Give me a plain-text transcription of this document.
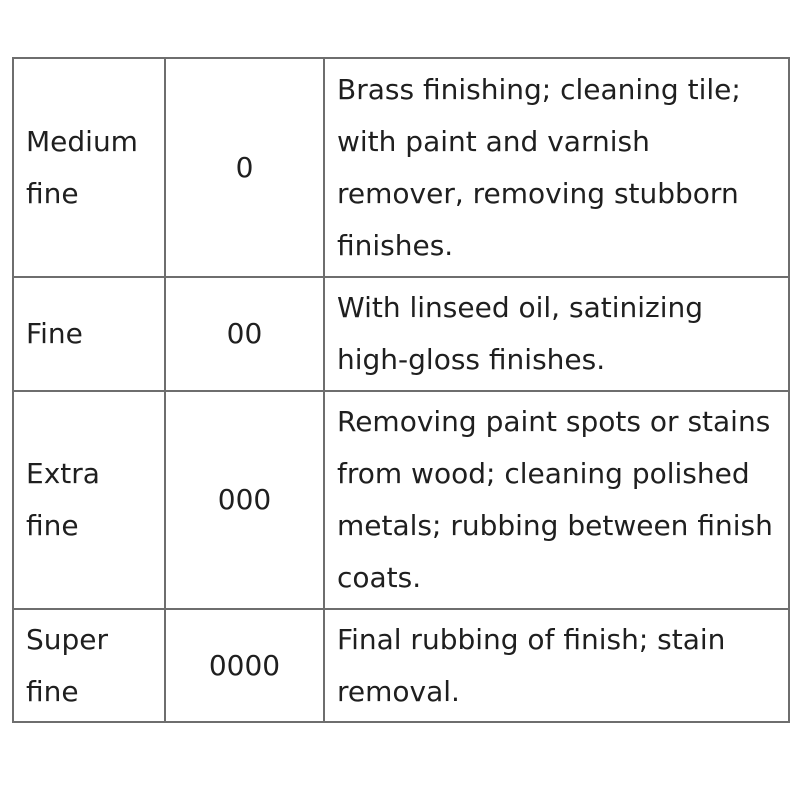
Medium fine	0	Brass finishing; cleaning tile; with paint and varnish remover, removing stubborn finishes.
Fine	00	With linseed oil, satinizing high-gloss finishes.
Extra fine	000	Removing paint spots or stains from wood; cleaning polished metals; rubbing between finish coats.
Super fine	0000	Final rubbing of finish; stain removal.
